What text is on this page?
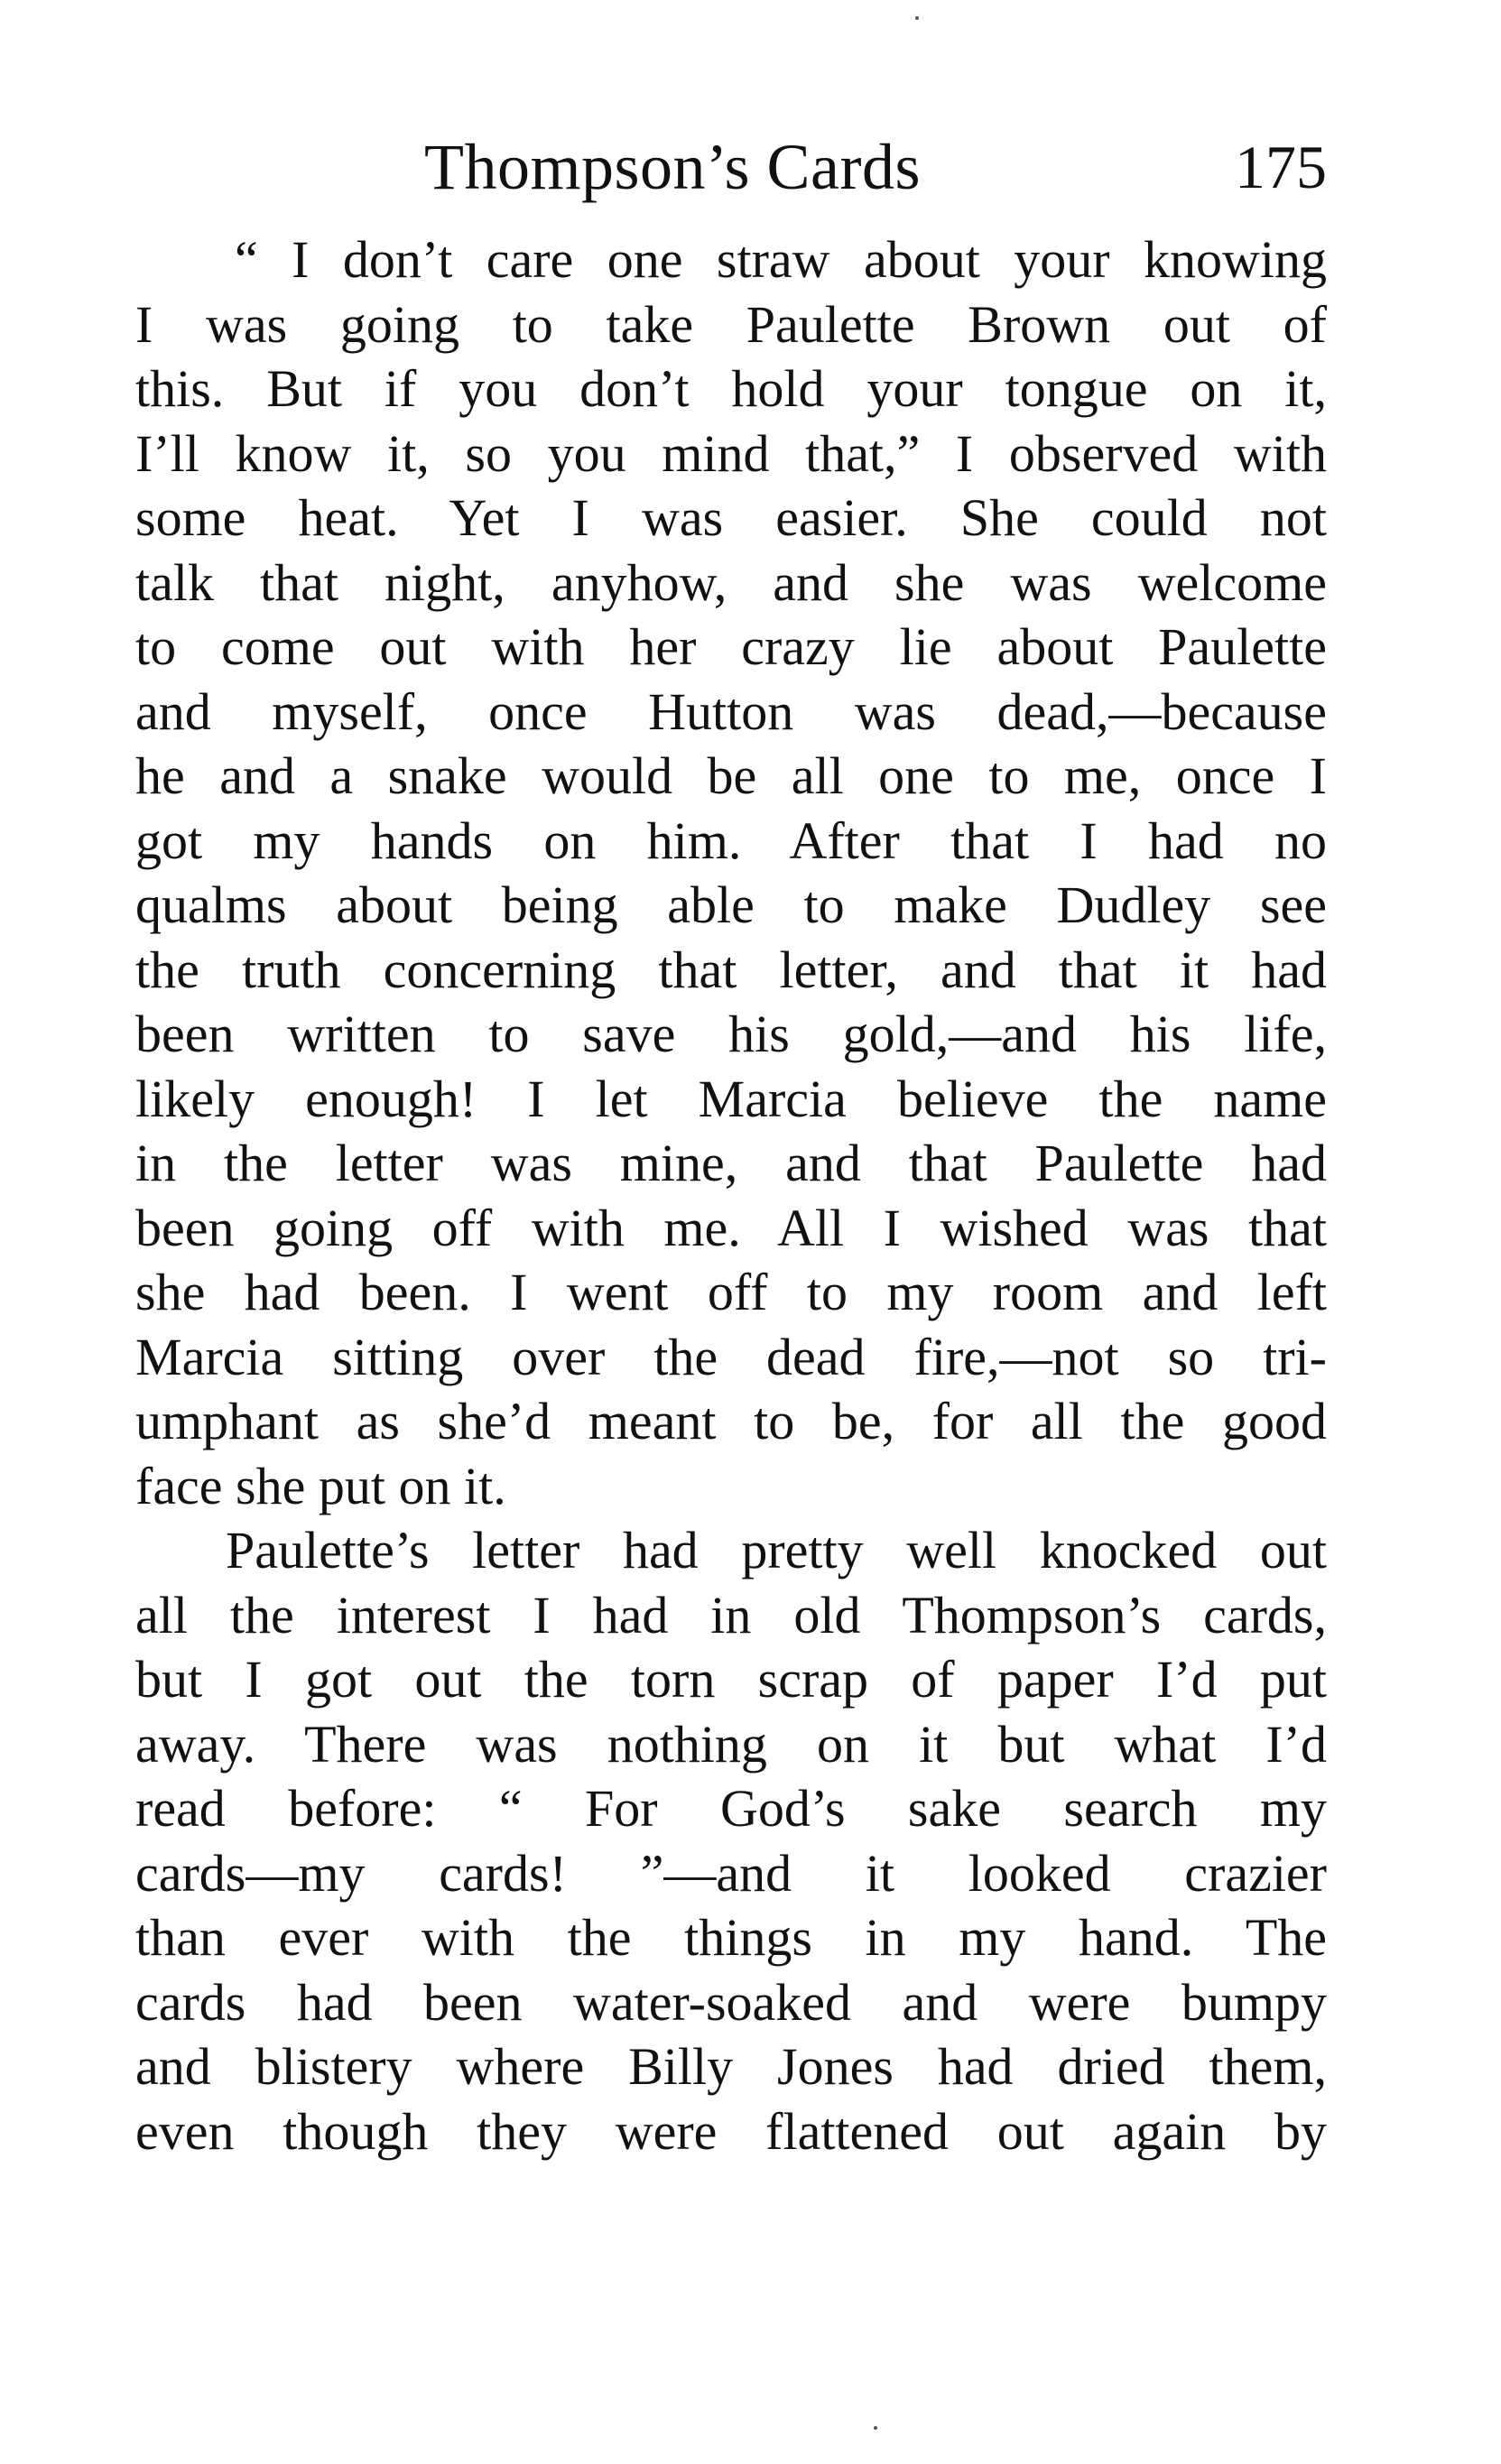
Thompson’s Cards	175
“ I don’t care one straw about your knowing
I was going to take Paulette Brown out of
this. But if you don’t hold your tongue on it,
I’ll know it, so you mind that,” I observed with
some heat. Yet I was easier. She could not
talk that night, anyhow, and she was welcome
to come out with her crazy lie about Paulette
and myself, once Hutton was dead,—because
he and a snake would be all one to me, once I
got my hands on him. After that I had no
qualms about being able to make Dudley see
the truth concerning that letter, and that it had
been written to save his gold,—and his life,
likely enough! I let Marcia believe the name
in the letter was mine, and that Paulette had
been going off with me. All I wished was that
she had been. I went off to my room and left
Marcia sitting over the dead fire,—not so tri-
umphant as she’d meant to be, for all the good
face she put on it.
Paulette’s letter had pretty well knocked out
all the interest I had in old Thompson’s cards,
but I got out the torn scrap of paper I’d put
away. There was nothing on it but what I’d
read before: “ For God’s sake search my
cards—my cards! ”—and it looked crazier
than ever with the things in my hand. The
cards had been water-soaked and were bumpy
and blistery where Billy Jones had dried them,
even though they were flattened out again by
